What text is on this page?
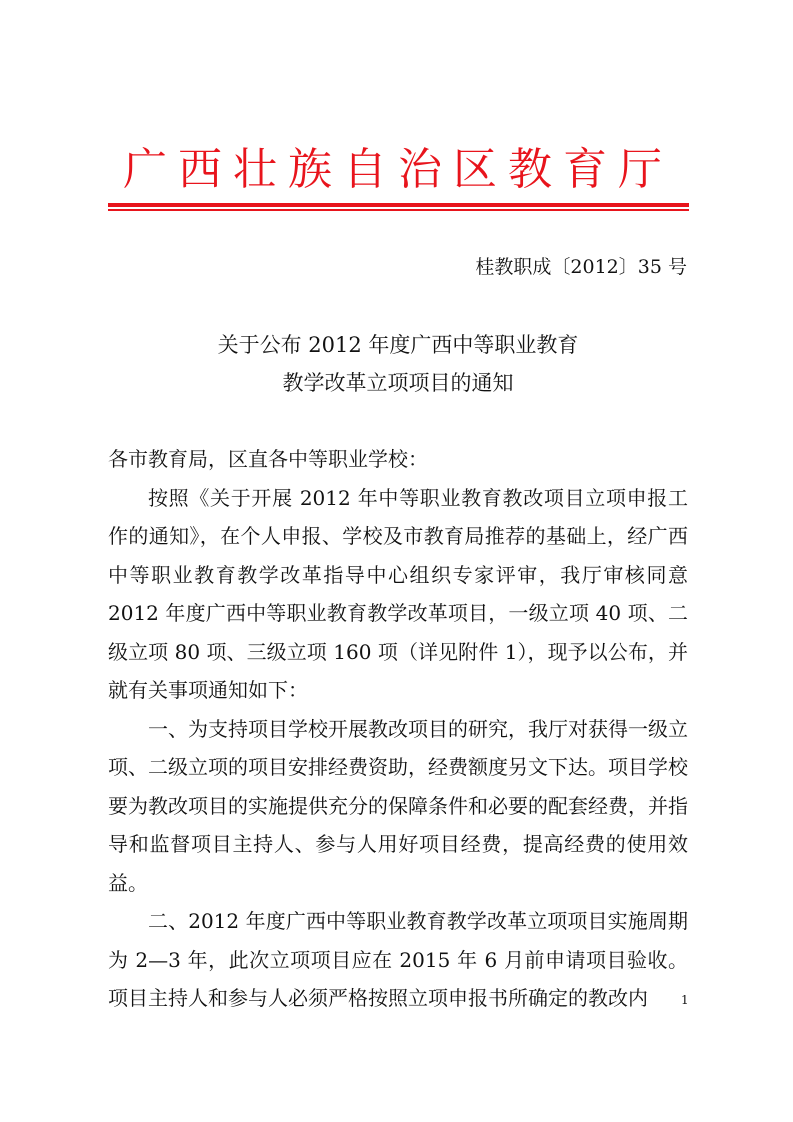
广西壮族自治区教育厅
桂教职成〔2012〕35 号
关于公布 2012 年度广西中等职业教育
教学改革立项项目的通知

各市教育局，区直各中等职业学校：

按照《关于开展 2012 年中等职业教育教改项目立项申报工作的通知》，在个人申报、学校及市教育局推荐的基础上，经广西中等职业教育教学改革指导中心组织专家评审，我厅审核同意 2012 年度广西中等职业教育教学改革项目，一级立项 40 项、二级立项 80 项、三级立项 160 项（详见附件 1），现予以公布，并就有关事项通知如下：

一、为支持项目学校开展教改项目的研究，我厅对获得一级立项、二级立项的项目安排经费资助，经费额度另文下达。项目学校要为教改项目的实施提供充分的保障条件和必要的配套经费，并指导和监督项目主持人、参与人用好项目经费，提高经费的使用效益。

二、2012 年度广西中等职业教育教学改革立项项目实施周期为 2—3 年，此次立项项目应在 2015 年 6 月前申请项目验收。项目主持人和参与人必须严格按照立项申报书所确定的教改内	1
